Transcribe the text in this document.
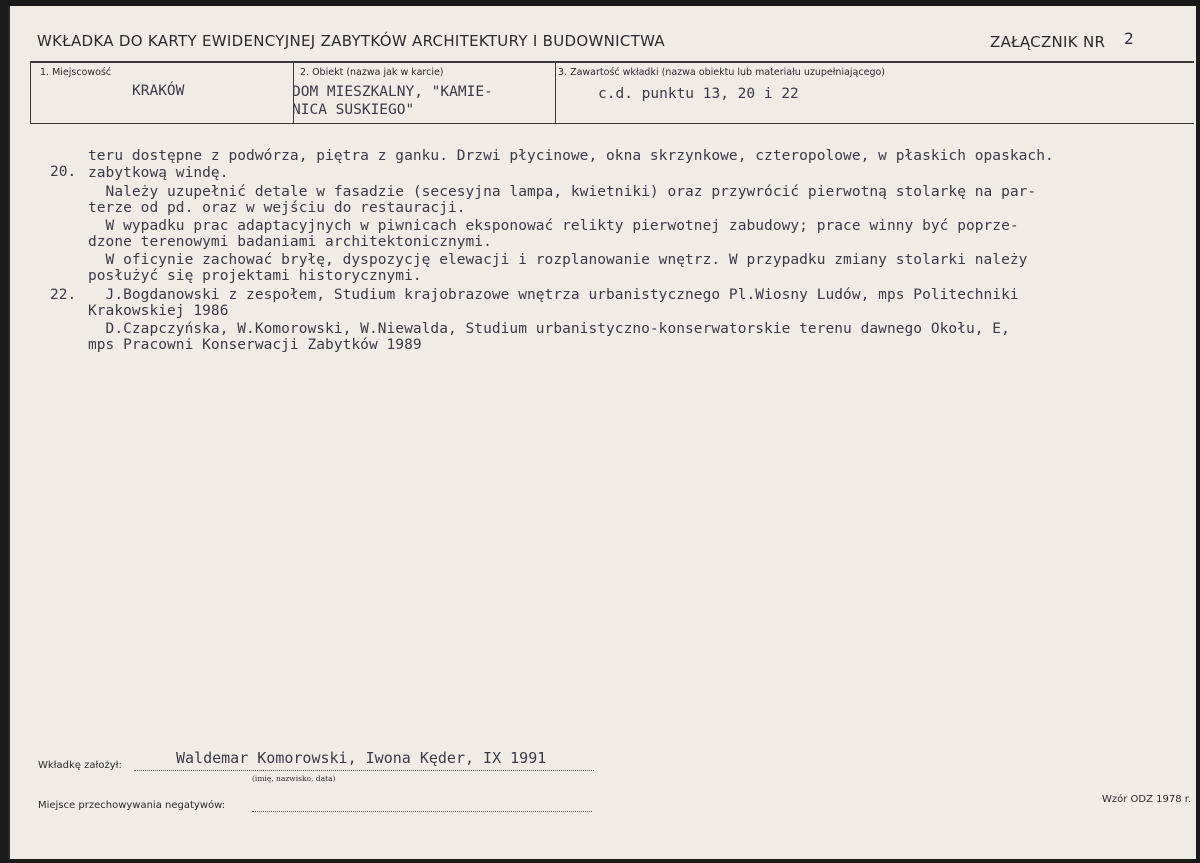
WKŁADKA DO KARTY EWIDENCYJNEJ ZABYTKÓW ARCHITEKTURY I BUDOWNICTWA	ZAŁĄCZNIK NR 2
1. Miejscowość
KRAKÓW
2. Obiekt (nazwa jak w karcie)
DOM MIESZKALNY, "KAMIE-
NICA SUSKIEGO"
3. Zawartość wkładki (nazwa obiektu lub materiału uzupełniającego)
c.d. punktu 13, 20 i 22
20.
22.
teru dostępne z podwórza, piętra z ganku. Drzwi płycinowe, okna skrzynkowe, czteropolowe, w płaskich opaskach.
zabytkową windę.
Należy uzupełnić detale w fasadzie (secesyjna lampa, kwietniki) oraz przywrócić pierwotną stolarkę na par-
terze od pd. oraz w wejściu do restauracji.
W wypadku prac adaptacyjnych w piwnicach eksponować relikty pierwotnej zabudowy; prace winny być poprze-
dzone terenowymi badaniami architektonicznymi.
W oficynie zachować bryłę, dyspozycję elewacji i rozplanowanie wnętrz. W przypadku zmiany stolarki należy
posłużyć się projektami historycznymi.
J.Bogdanowski z zespołem, Studium krajobrazowe wnętrza urbanistycznego Pl.Wiosny Ludów, mps Politechniki
Krakowskiej 1986
D.Czapczyńska, W.Komorowski, W.Niewalda, Studium urbanistyczno-konserwatorskie terenu dawnego Okołu, E,
mps Pracowni Konserwacji Zabytków 1989
Wkładkę założył:	Waldemar Komorowski, Iwona Kęder, IX 1991
(imię, nazwisko, data)
Miejsce przechowywania negatywów:
Wzór ODZ 1978 r.
